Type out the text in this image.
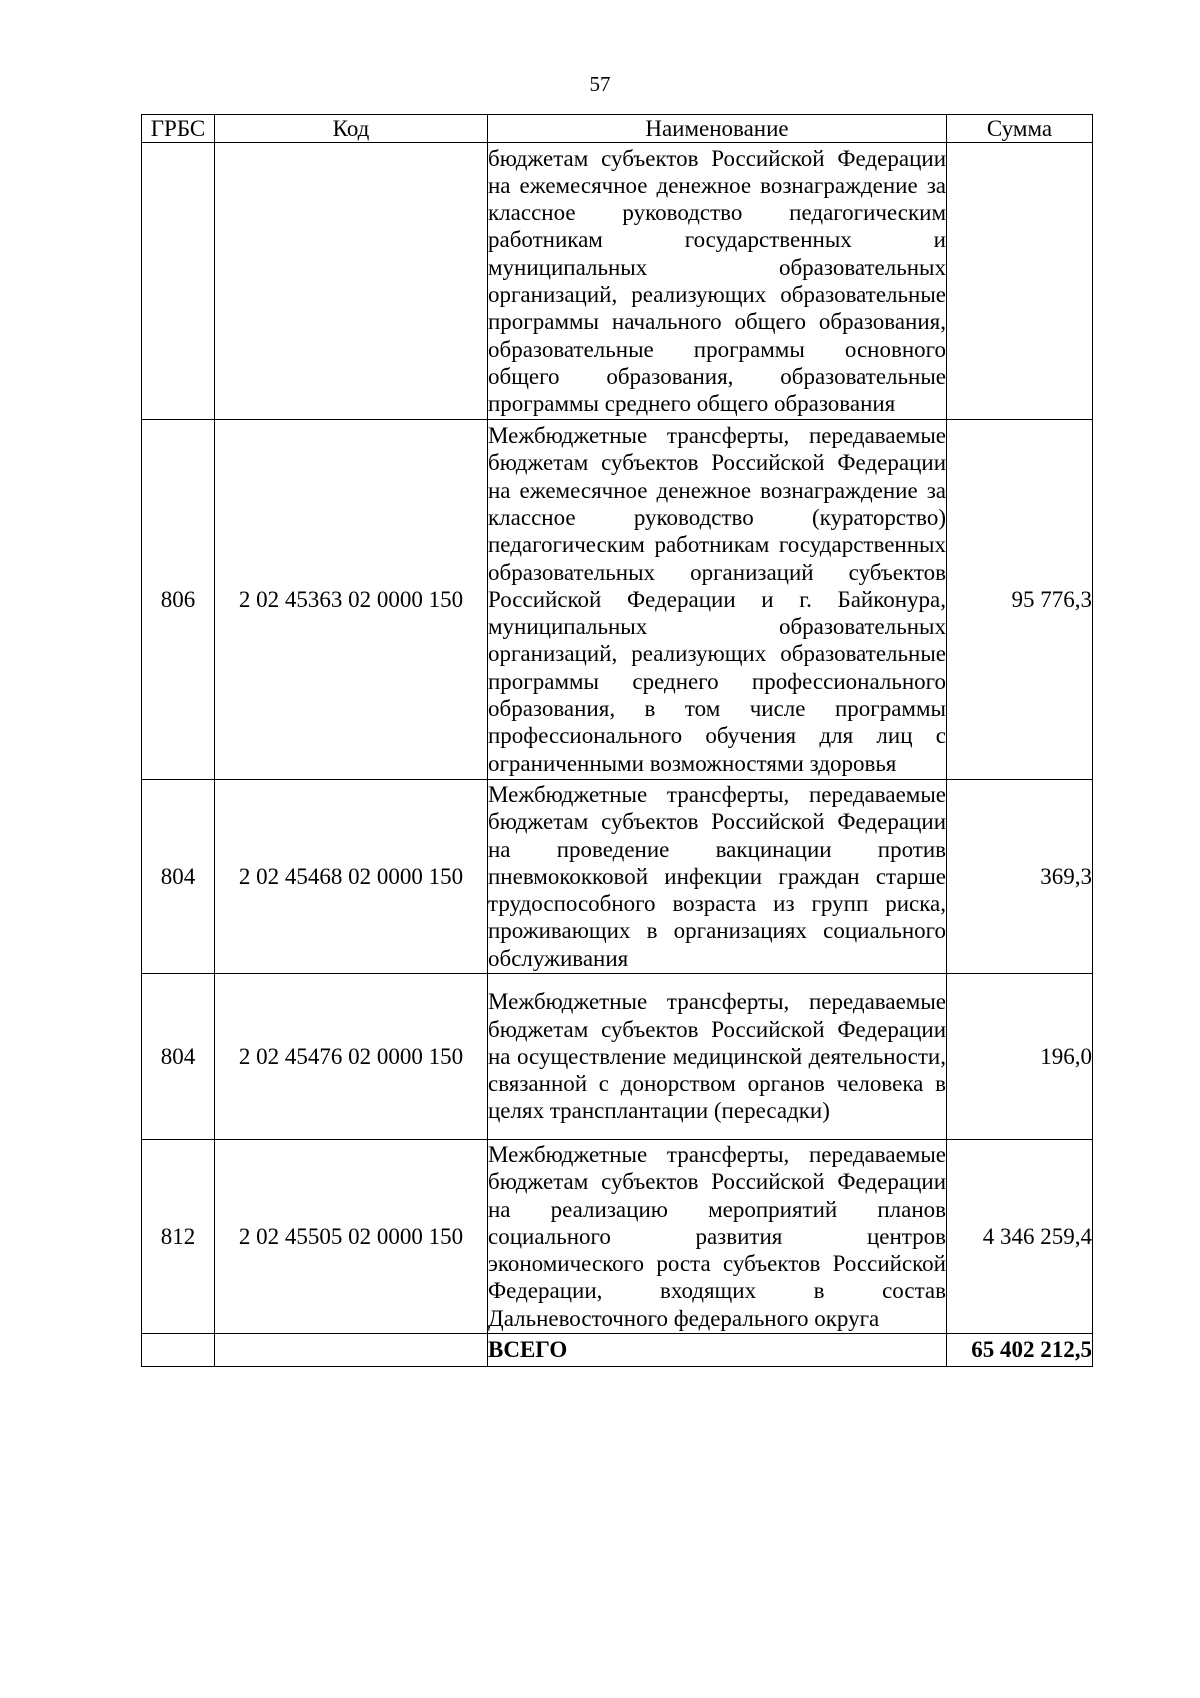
57
ГРБС	Код	Наименование	Сумма
		бюджетам субъектов Российской Федерации на ежемесячное денежное вознаграждение за классное руководство педагогическим работникам государственных и муниципальных образовательных организаций, реализующих образовательные программы начального общего образования, образовательные программы основного общего образования, образовательные программы среднего общего образования	
806	2 02 45363 02 0000 150	Межбюджетные трансферты, передаваемые бюджетам субъектов Российской Федерации на ежемесячное денежное вознаграждение за классное руководство (кураторство) педагогическим работникам государственных образовательных организаций субъектов Российской Федерации и г. Байконура, муниципальных образовательных организаций, реализующих образовательные программы среднего профессионального образования, в том числе программы профессионального обучения для лиц с ограниченными возможностями здоровья	95 776,3
804	2 02 45468 02 0000 150	Межбюджетные трансферты, передаваемые бюджетам субъектов Российской Федерации на проведение вакцинации против пневмококковой инфекции граждан старше трудоспособного возраста из групп риска, проживающих в организациях социального обслуживания	369,3
804	2 02 45476 02 0000 150	Межбюджетные трансферты, передаваемые бюджетам субъектов Российской Федерации на осуществление медицинской деятельности, связанной с донорством органов человека в целях трансплантации (пересадки)	196,0
812	2 02 45505 02 0000 150	Межбюджетные трансферты, передаваемые бюджетам субъектов Российской Федерации на реализацию мероприятий планов социального развития центров экономического роста субъектов Российской Федерации, входящих в состав Дальневосточного федерального округа	4 346 259,4
		ВСЕГО	65 402 212,5
